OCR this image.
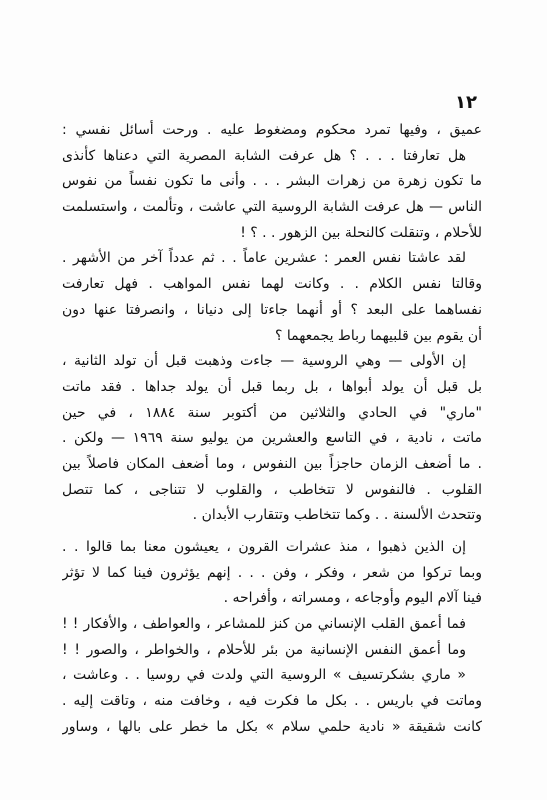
١٢
عميق ، وفيها تمرد محكوم ومضغوط عليه . ورحت أسائل نفسي :
هل تعارفتا . . . ؟ هل عرفت الشابة المصرية التي دعناها كأنذى
ما تكون زهرة من زهرات البشر . . . وأنى ما تكون نفساً من نفوس
الناس — هل عرفت الشابة الروسية التي عاشت ، وتألمت ، واستسلمت
للأحلام ، وتنقلت كالنحلة بين الزهور . . ؟ !
لقد عاشتا نفس العمر : عشرين عاماً . . ثم عدداً آخر من الأشهر .
وقالتا نفس الكلام . . وكانت لهما نفس المواهب . فهل تعارفت
نفساهما على البعد ؟ أو أنهما جاءتا إلى دنيانا ، وانصرفتا عنها دون
أن يقوم بين قلبيهما رباط يجمعهما ؟
إن الأولى — وهي الروسية — جاءت وذهبت قبل أن تولد الثانية ،
بل قبل أن يولد أبواها ، بل ربما قبل أن يولد جداها . فقد ماتت
"ماري" في الحادي والثلاثين من أكتوبر سنة ١٨٨٤ ، في حين
ماتت ، نادية ، في التاسع والعشرين من يوليو سنة ١٩٦٩ — ولكن .
. ما أضعف الزمان حاجزاً بين النفوس ، وما أضعف المكان فاصلاً بين
القلوب . فالنفوس لا تتخاطب ، والقلوب لا تتناجى ، كما تتصل
وتتحدث الألسنة . . وكما تتخاطب وتتقارب الأبدان .
إن الذين ذهبوا ، منذ عشرات القرون ، يعيشون معنا بما قالوا . .
وبما تركوا من شعر ، وفكر ، وفن . . . إنهم يؤثرون فينا كما لا تؤثر
فينا آلام اليوم وأوجاعه ، ومسراته ، وأفراحه .
فما أعمق القلب الإنساني من كنز للمشاعر ، والعواطف ، والأفكار ! !
وما أعمق النفس الإنسانية من بئر للأحلام ، والخواطر ، والصور ! !
« ماري بشكرتسيف » الروسية التي ولدت في روسيا . . وعاشت ،
وماتت في باريس . . بكل ما فكرت فيه ، وخافت منه ، وتاقت إليه .
كانت شقيقة « نادية حلمي سلام » بكل ما خطر على بالها ، وساور
